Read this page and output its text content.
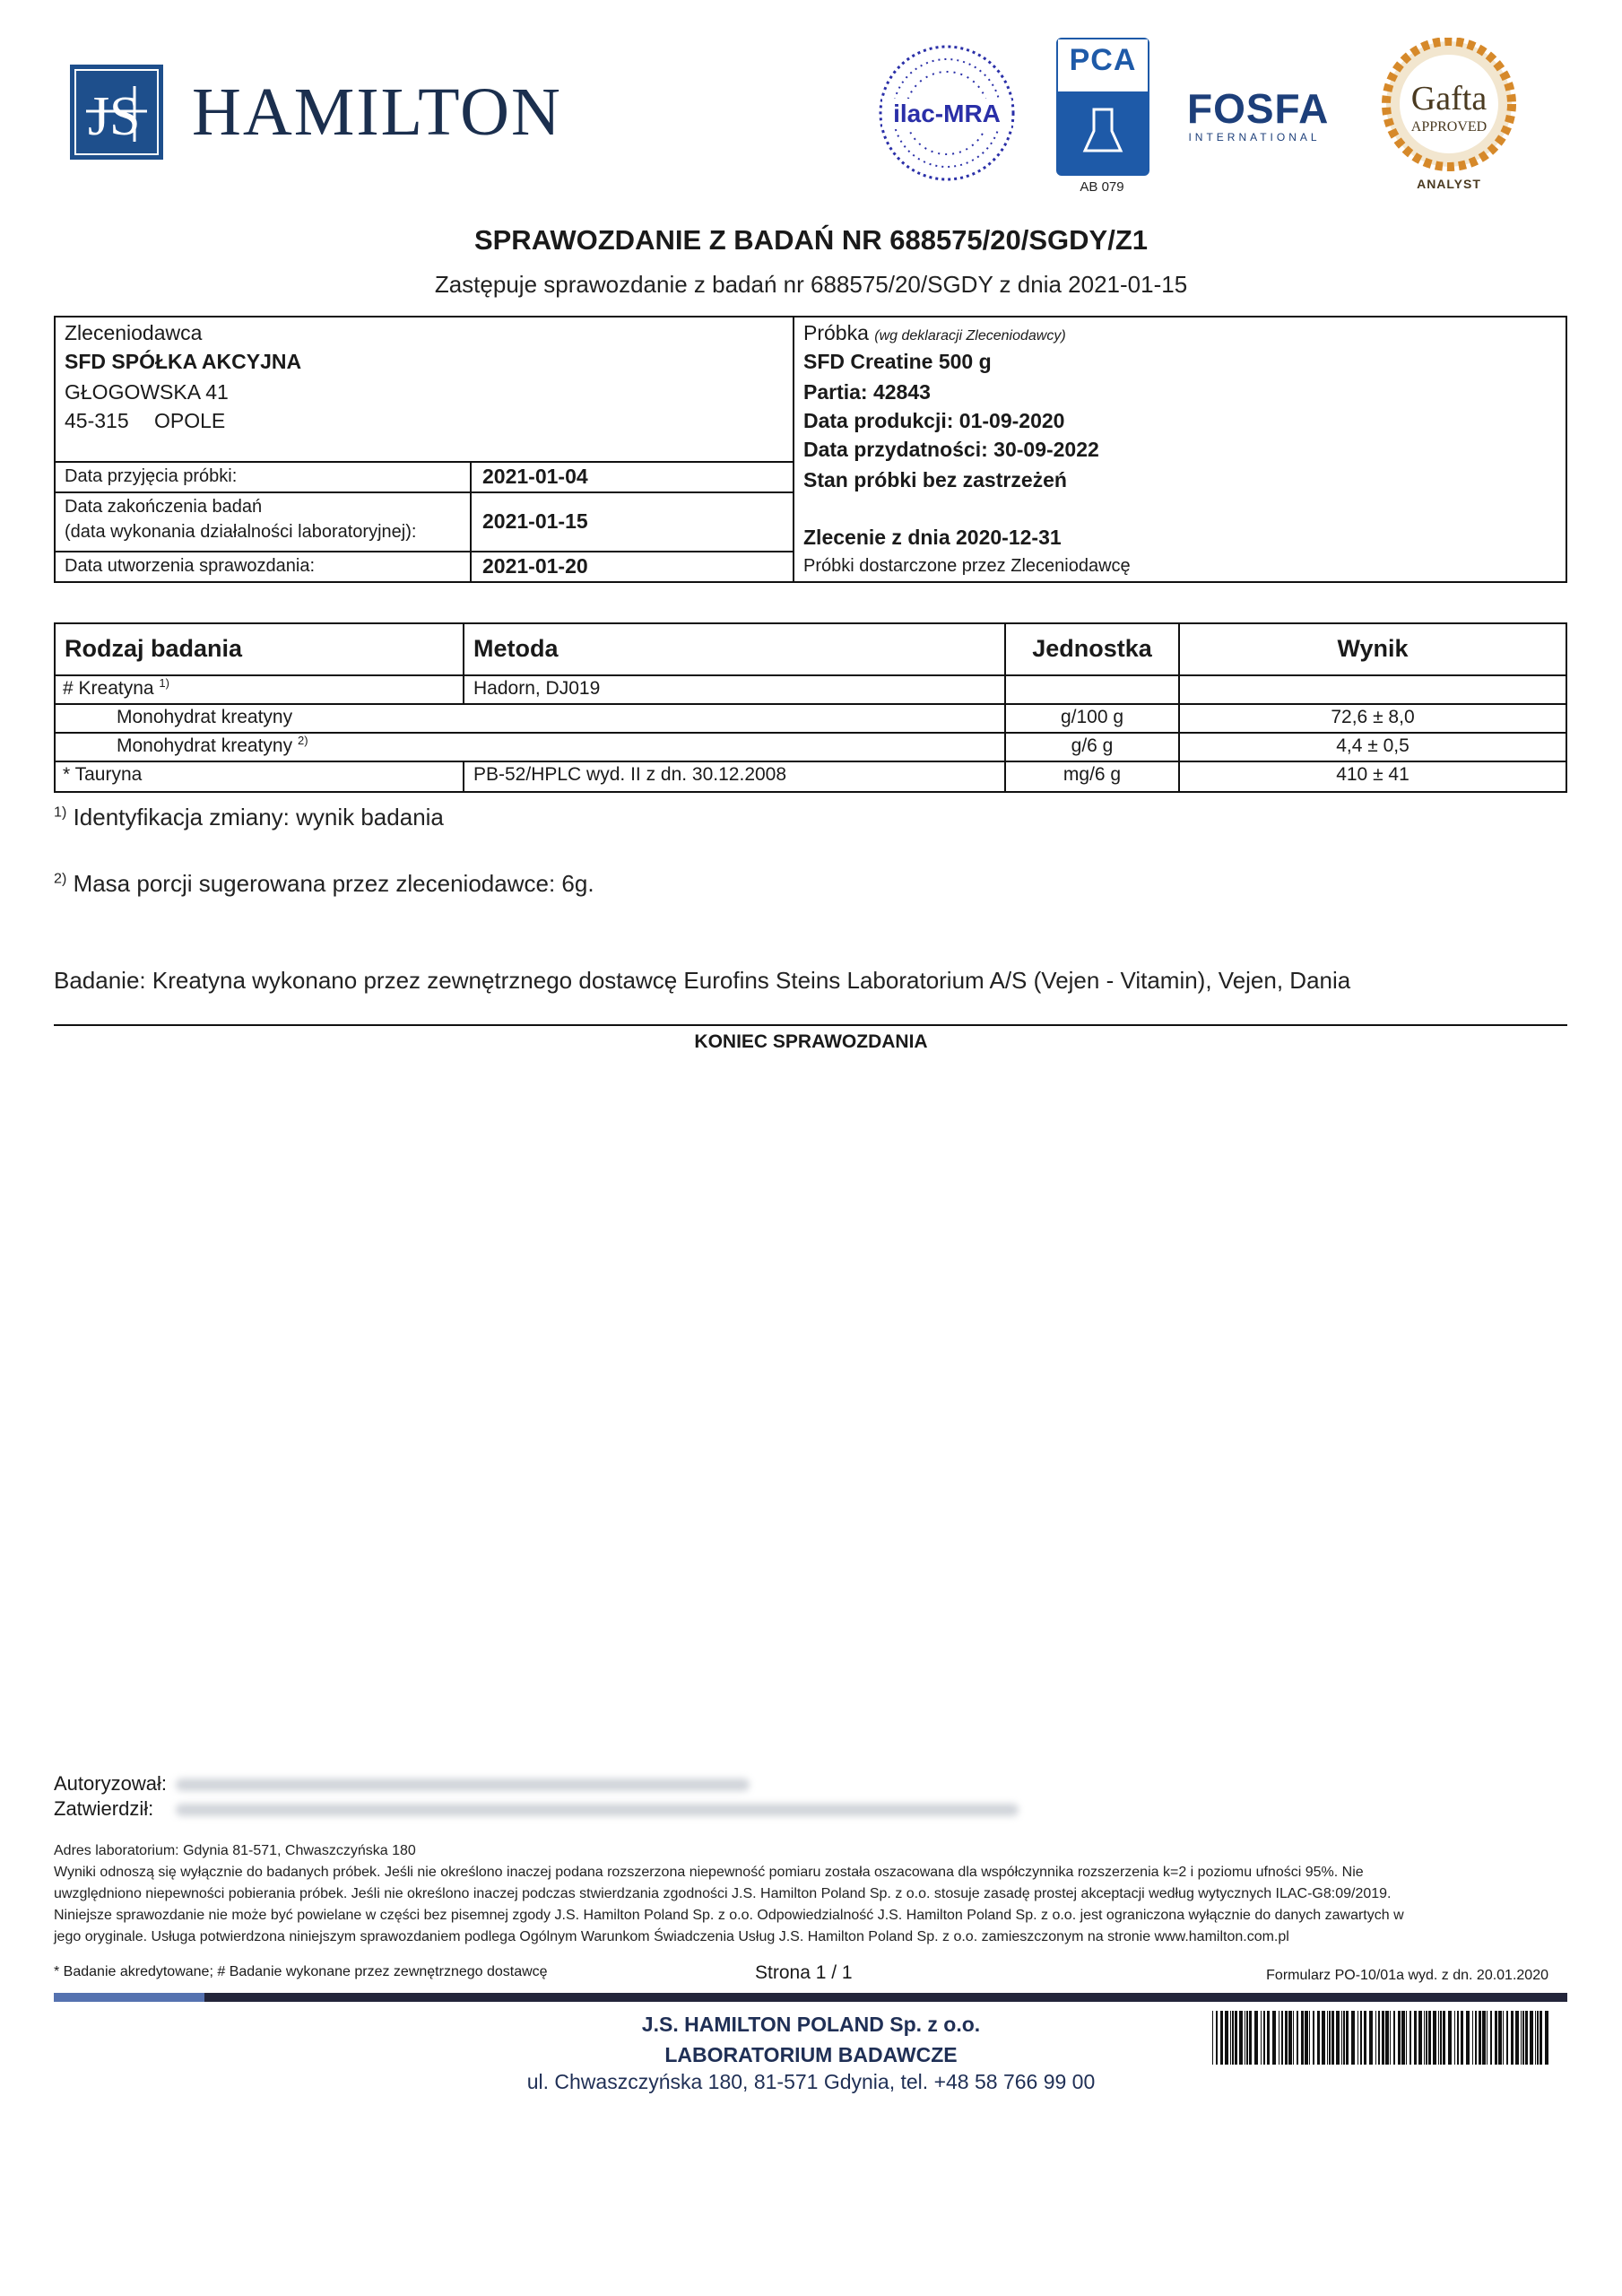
J S HAMILTON	ilac-MRA
PCA
AB 079
FOSFA
INTERNATIONAL
Gafta
APPROVED
ANALYST
SPRAWOZDANIE Z BADAŃ NR 688575/20/SGDY/Z1
Zastępuje sprawozdanie z badań nr 688575/20/SGDY z dnia 2021-01-15
Zleceniodawca
SFD SPÓŁKA AKCYJNA
GŁOGOWSKA 41
45-315 OPOLE
Data przyjęcia próbki:	2021-01-04
Data zakończenia badań
(data wykonania działalności laboratoryjnej):	2021-01-15
Data utworzenia sprawozdania:	2021-01-20
Próbka (wg deklaracji Zleceniodawcy)
SFD Creatine 500 g
Partia: 42843
Data produkcji: 01-09-2020
Data przydatności: 30-09-2022
Stan próbki bez zastrzeżeń
Zlecenie z dnia 2020-12-31
Próbki dostarczone przez Zleceniodawcę
Rodzaj badania	Metoda	Jednostka	Wynik
# Kreatyna $^{1)}$	Hadorn, DJ019
Monohydrat kreatyny	g/100 g	72,6 ± 8,0
Monohydrat kreatyny $^{2)}$	g/6 g	4,4 ± 0,5
* Tauryna	PB-52/HPLC wyd. II z dn. 30.12.2008	mg/6 g	410 ± 41
$^{1)}$ Identyfikacja zmiany: wynik badania
$^{2)}$ Masa porcji sugerowana przez zleceniodawce: 6g.
Badanie: Kreatyna wykonano przez zewnętrznego dostawcę Eurofins Steins Laboratorium A/S (Vejen - Vitamin), Vejen, Dania
KONIEC SPRAWOZDANIA
Autoryzował:
Zatwierdził:
Adres laboratorium: Gdynia 81-571, Chwaszczyńska 180
Wyniki odnoszą się wyłącznie do badanych próbek. Jeśli nie określono inaczej podana rozszerzona niepewność pomiaru została oszacowana dla współczynnika rozszerzenia k=2 i poziomu ufności 95%. Nie
uwzględniono niepewności pobierania próbek. Jeśli nie określono inaczej podczas stwierdzania zgodności J.S. Hamilton Poland Sp. z o.o. stosuje zasadę prostej akceptacji według wytycznych ILAC-G8:09/2019.
Niniejsze sprawozdanie nie może być powielane w części bez pisemnej zgody J.S. Hamilton Poland Sp. z o.o. Odpowiedzialność J.S. Hamilton Poland Sp. z o.o. jest ograniczona wyłącznie do danych zawartych w
jego oryginale. Usługa potwierdzona niniejszym sprawozdaniem podlega Ogólnym Warunkom Świadczenia Usług J.S. Hamilton Poland Sp. z o.o. zamieszczonym na stronie www.hamilton.com.pl
* Badanie akredytowane; # Badanie wykonane przez zewnętrznego dostawcę	Strona 1 / 1	Formularz PO-10/01a wyd. z dn. 20.01.2020
J.S. HAMILTON POLAND Sp. z o.o.
LABORATORIUM BADAWCZE
ul. Chwaszczyńska 180, 81-571 Gdynia, tel. +48 58 766 99 00
